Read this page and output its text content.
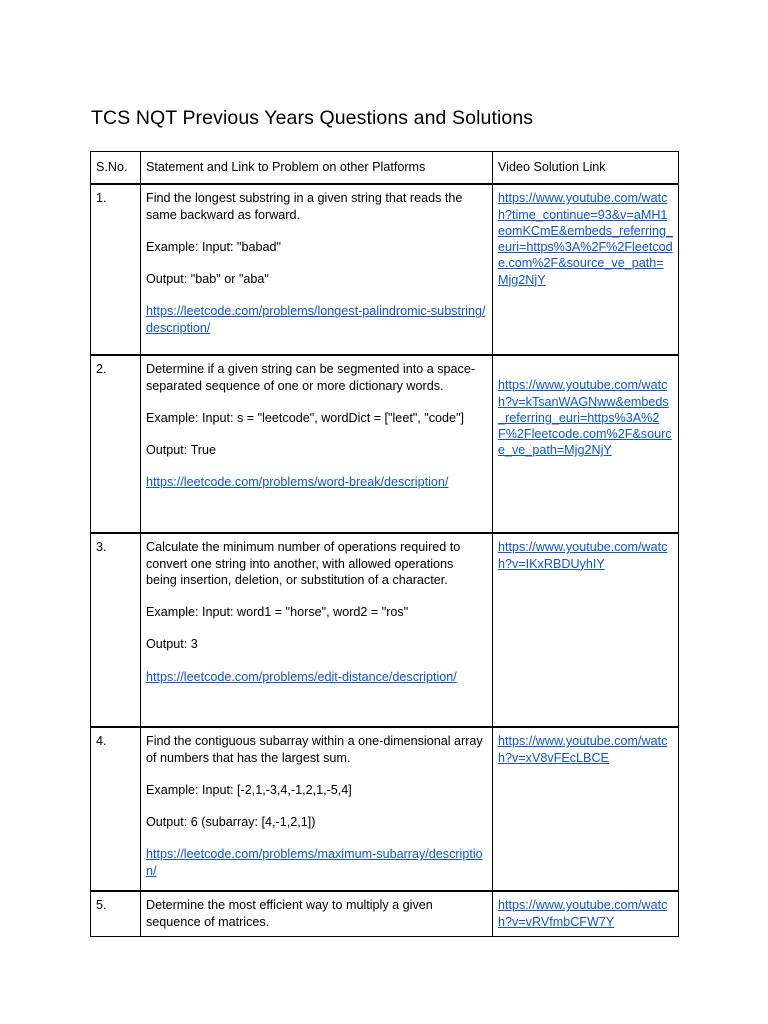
TCS NQT Previous Years Questions and Solutions
S.No.	Statement and Link to Problem on other Platforms	Video Solution Link
1.	Find the longest substring in a given string that reads the same backward as forward.
Example: Input: "babad"
Output: "bab" or "aba"
https://leetcode.com/problems/longest-palindromic-substring/description/	https://www.youtube.com/watch?time_continue=93&v=aMH1eomKCmE&embeds_referring_euri=https%3A%2F%2Fleetcode.com%2F&source_ve_path=Mjg2NjY

2.	Determine if a given string can be segmented into a space-separated sequence of one or more dictionary words.
Example: Input: s = "leetcode", wordDict = ["leet", "code"]
Output: True
https://leetcode.com/problems/word-break/description/	https://www.youtube.com/watch?v=kTsanWAGNww&embeds_referring_euri=https%3A%2F%2Fleetcode.com%2F&source_ve_path=Mjg2NjY

3.	Calculate the minimum number of operations required to convert one string into another, with allowed operations being insertion, deletion, or substitution of a character.
Example: Input: word1 = "horse", word2 = "ros"
Output: 3
https://leetcode.com/problems/edit-distance/description/	https://www.youtube.com/watch?v=IKxRBDUyhIY

4.	Find the contiguous subarray within a one-dimensional array of numbers that has the largest sum.
Example: Input: [-2,1,-3,4,-1,2,1,-5,4]
Output: 6 (subarray: [4,-1,2,1])
https://leetcode.com/problems/maximum-subarray/description/	https://www.youtube.com/watch?v=xV8vFEcLBCE

5.	Determine the most efficient way to multiply a given sequence of matrices.	https://www.youtube.com/watch?v=vRVfmbCFW7Y
